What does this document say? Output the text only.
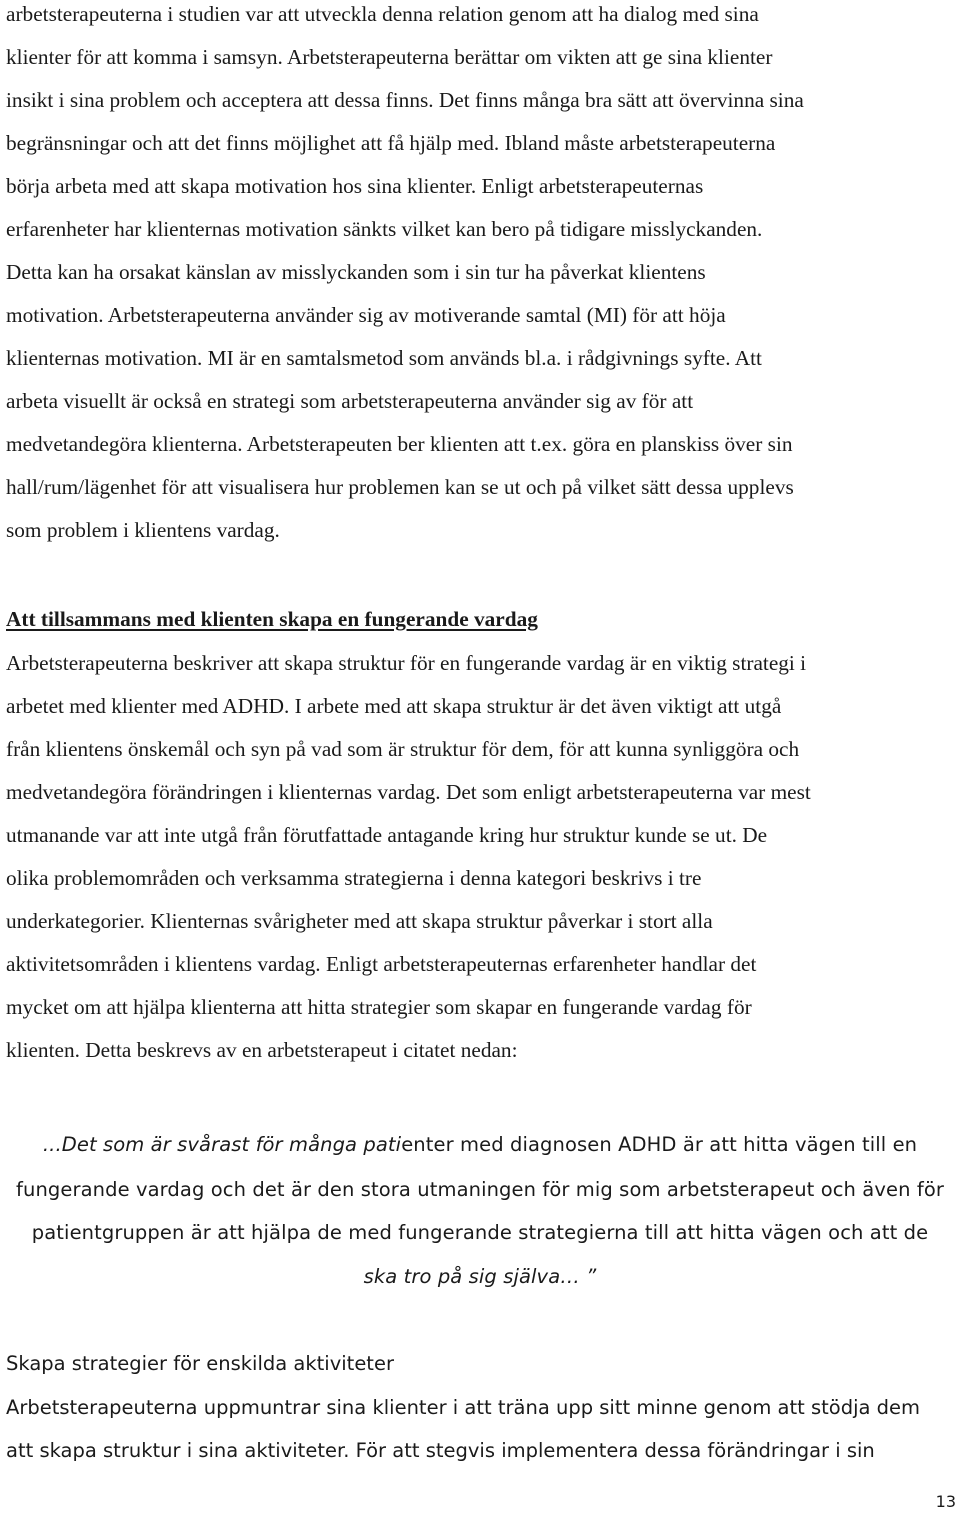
arbetsterapeuterna i studien var att utveckla denna relation genom att ha dialog med sina
klienter för att komma i samsyn. Arbetsterapeuterna berättar om vikten att ge sina klienter
insikt i sina problem och acceptera att dessa finns. Det finns många bra sätt att övervinna sina
begränsningar och att det finns möjlighet att få hjälp med. Ibland måste arbetsterapeuterna
börja arbeta med att skapa motivation hos sina klienter. Enligt arbetsterapeuternas
erfarenheter har klienternas motivation sänkts vilket kan bero på tidigare misslyckanden.
Detta kan ha orsakat känslan av misslyckanden som i sin tur ha påverkat klientens
motivation. Arbetsterapeuterna använder sig av motiverande samtal (MI) för att höja
klienternas motivation. MI är en samtalsmetod som används bl.a. i rådgivnings syfte. Att
arbeta visuellt är också en strategi som arbetsterapeuterna använder sig av för att
medvetandegöra klienterna. Arbetsterapeuten ber klienten att t.ex. göra en planskiss över sin
hall/rum/lägenhet för att visualisera hur problemen kan se ut och på vilket sätt dessa upplevs
som problem i klientens vardag.
Att tillsammans med klienten skapa en fungerande vardag
Arbetsterapeuterna beskriver att skapa struktur för en fungerande vardag är en viktig strategi i
arbetet med klienter med ADHD. I arbete med att skapa struktur är det även viktigt att utgå
från klientens önskemål och syn på vad som är struktur för dem, för att kunna synliggöra och
medvetandegöra förändringen i klienternas vardag. Det som enligt arbetsterapeuterna var mest
utmanande var att inte utgå från förutfattade antagande kring hur struktur kunde se ut. De
olika problemområden och verksamma strategierna i denna kategori beskrivs i tre
underkategorier. Klienternas svårigheter med att skapa struktur påverkar i stort alla
aktivitetsområden i klientens vardag. Enligt arbetsterapeuternas erfarenheter handlar det
mycket om att hjälpa klienterna att hitta strategier som skapar en fungerande vardag för
klienten. Detta beskrevs av en arbetsterapeut i citatet nedan:
...Det som är svårast för många patienter med diagnosen ADHD är att hitta vägen till en
fungerande vardag och det är den stora utmaningen för mig som arbetsterapeut och även för
patientgruppen är att hjälpa de med fungerande strategierna till att hitta vägen och att de
ska tro på sig själva… ”
Skapa strategier för enskilda aktiviteter
Arbetsterapeuterna uppmuntrar sina klienter i att träna upp sitt minne genom att stödja dem
att skapa struktur i sina aktiviteter. För att stegvis implementera dessa förändringar i sin
13
